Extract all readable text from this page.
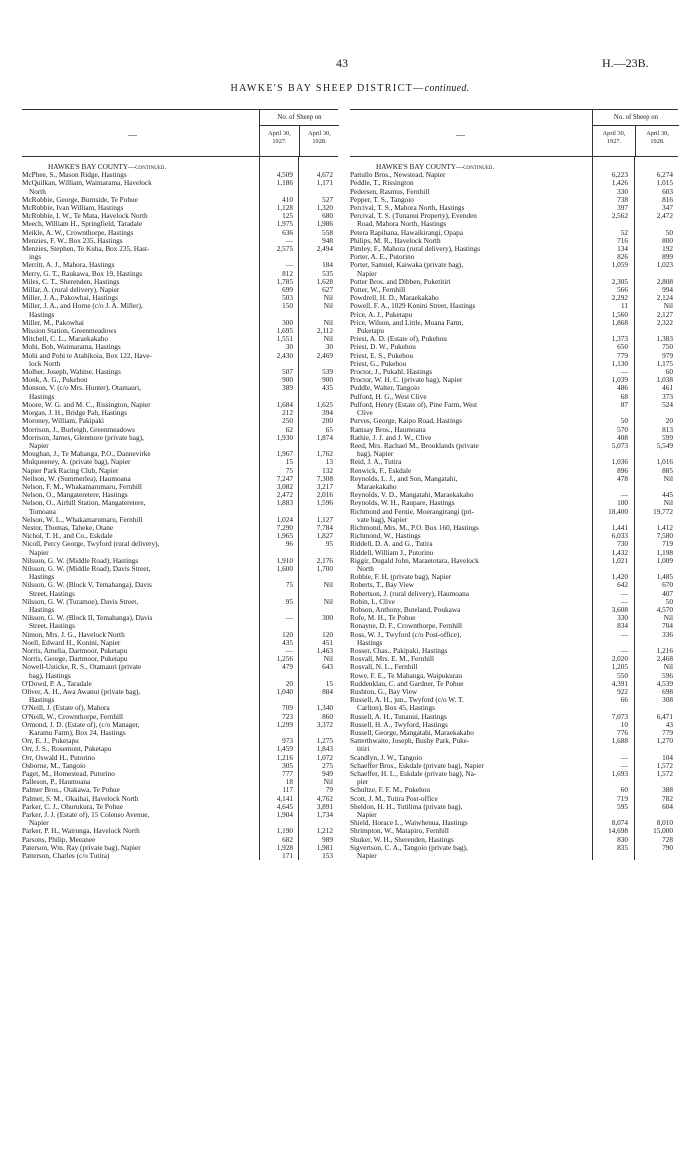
43	H.—23B.
HAWKE'S BAY SHEEP DISTRICT—continued.
—
No. of Sheep on
April 30,
1927.
April 30,
1928.
HAWKE'S BAY COUNTY—continued.
McPhee, S., Mason Ridge, Hastings	4,509	4,672
McQuilkan, William, Waimarama, Havelock
North
1,186	1,171
McRobbie, George, Burnside, Te Pohue	410	527
McRobbie, Ivan William, Hastings	1,128	1,320
McRobbie, I. W., Te Mata, Havelock North	125	680
Meech, William H., Springfield, Taradale	1,975	1,986
Meikle, A. W., Crownthorpe, Hastings	636	558
Menzies, F. W., Box 235, Hastings	—	948
Menzies, Stephen, Te Kuha, Box 235, Hast-
ings
2,575	2,494
Merritt, A. J., Mahora, Hastings	—	184
Merry, G. T., Raukawa, Box 19, Hastings	812	535
Miles, C. T., Sherenden, Hastings	1,785	1,628
Millar, A. (rural delivery), Napier	699	627
Miller, J. A., Pakowhai, Hastings	503	Nil
Miller, J. A., and Horne (c/o J. A. Miller),
Hastings
150	Nil
Miller, M., Pakowhai	300	Nil
Mission Station, Greenmeadows	1,695	2,112
Mitchell, C. L., Maraekakaho	1,551	Nil
Mohi, Bob, Waimarama, Hastings	30	30
Mohi and Pohi te Atahikoia, Box 122, Have-
lock North
2,430	2,469
Molher, Joseph, Wahine, Hastings	507	539
Monk, A. G., Pukehou	900	900
Monson, V. (c/o Mrs. Hunter), Otamauri,
Hastings
389	435
Moore, W. G. and M. C., Rissington, Napier	1,684	1,625
Morgan, J. H., Bridge Pah, Hastings	212	394
Moroney, William, Pakipaki	250	200
Morrison, J., Burleigh, Greenmeadows	62	65
Morrison, James, Glenmore (private bag),
Napier
1,930	1,874
Moughan, J., Te Mahanga, P.O., Dannevirke	1,967	1,762
Mulqueeney, A. (private bag), Napier	15	13
Napier Park Racing Club, Napier	75	132
Neilson, W. (Summerlea), Haumoana	7,247	7,308
Nelson, F. M., Whakamarumaru, Fernhill	3,082	3,217
Nelson, O., Mangateretere, Hastings	2,472	2,016
Nelson, O., Airhill Station, Mangateretere,
Tomoana
1,883	1,596
Nelson, W. L., Whakamarumaru, Fernhill	1,024	1,127
Nestor, Thomas, Taheke, Otane	7,290	7,784
Nichol, T. H., and Co., Eskdale	1,965	1,827
Nicoll, Percy George, Twyford (rural delivery),
Napier
96	95
Nilsson, G. W. (Middle Road), Hastings	1,910	2,176
Nilsson, G. W. (Middle Road), Davis Street,
Hastings
1,600	1,700
Nilsson, G. W. (Block V, Temahanga), Davis
Street, Hastings
75	Nil
Nilsson, G. W. (Turamoe), Davis Street,
Hastings
95	Nil
Nilsson, G. W. (Block II, Temahanga), Davis
Street, Hastings
—	300
Nimon, Mrs. J. G., Havelock North	120	120
Noell, Edward H., Konini, Napier	435	451
Norris, Amelia, Dartmoor, Puketapu	—	1,463
Norris, George, Dartmoor, Puketapu	1,256	Nil
Nowell-Usticke, R. S., Otamauri (private
bag), Hastings
479	643
O'Dowd, P. A., Taradale	20	15
Oliver, A. H., Awa Awanui (private bag),
Hastings
1,040	884
O'Neill, J. (Estate of), Mahora	709	1,340
O'Neill, W., Crownthorpe, Fernhill	723	860
Ormond, J. D. (Estate of), (c/o Manager,
Karamu Farm), Box 24, Hastings
1,299	3,372
Orr, E. J., Puketapu	973	1,275
Orr, J. S., Rosemont, Puketapu	1,459	1,843
Orr, Oswald H., Putorino	1,216	1,072
Osborne, M., Tangoio	305	275
Paget, M., Homestead, Putorino	777	949
Palleson, P., Haumoana	18	Nil
Palmer Bros., Otakawa, Te Pohue	117	79
Palmer, S. M., Okaihai, Havelock North	4,141	4,762
Parker, C. J., Ohurukura, Te Pohue	4,645	3,891
Parker, J. J. (Estate of), 15 Colenso Avenue,
Napier
1,904	1,734
Parker, P. H., Wairunga, Havelock North	1,190	1,212
Parsons, Philip, Meeanee	682	989
Paterson, Wm. Ray (private bag), Napier	1,928	1,981
Patterson, Charles (c/o Tutira)	171	153
—
No. of Sheep on
April 30,
1927.
April 30,
1928.
HAWKE'S BAY COUNTY—continued.
Pattullo Bros., Newstead, Napier	6,223	6,274
Peddle, T., Rissington	1,426	1,015
Pedersen, Rasmus, Fernhill	330	603
Pepper, T. S., Tangoio	738	816
Percival, T. S., Mahora North, Hastings	397	347
Percival, T. S. (Tunanui Property), Evenden
Road, Mahora North, Hastings
2,562	2,472
Petera Rapihana, Hawaikirangi, Opapa	52	50
Philips, M. R., Havelock North	716	800
Pimley, F., Mahora (rural delivery), Hastings	134	192
Porter, A. E., Putorino	826	899
Porter, Samuel, Kaiwaka (private bag),
Napier
1,059	1,023
Potter Bros. and Dibben, Puketitiri	2,305	2,808
Potter, W., Fernhill	566	994
Powdrell, H. D., Maraekakaho	2,292	2,124
Powell, F. A., 1029 Konini Street, Hastings	11	Nil
Price, A. J., Puketapu	1,560	2,127
Price, Wilson, and Little, Moana Farm,
Puketapu
1,868	2,322
Priest, A. D. (Estate of), Pukehou	1,373	1,383
Priest, D. W., Pukehou	650	750
Priest, E. S., Pukehou	779	979
Priest, G., Pukehou	1,130	1,175
Proctor, J., Pukahl, Hastings	—	60
Proctor, W. H. C. (private bag), Napier	1,039	1,038
Puddle, Walter, Tangoio	486	461
Pulford, H. G., West Clive	68	373
Pulford, Henry (Estate of), Pine Farm, West
Clive
87	524
Purves, George, Kaipo Road, Hastings	50	20
Ramsay Bros., Haumoana	570	813
Rathie, J. J. and J. W., Clive	408	599
Reed, Mrs. Rachael M., Brooklands (private
bag), Napier
5,073	5,549
Reid, J. A., Tutira	1,036	1,016
Renwick, F., Eskdale	896	885
Reynolds, L. J., and Son, Mangatahi,
Maraekakaho
478	Nil
Reynolds, V. D., Mangatahi, Maraekakaho	—	445
Reynolds, W. H., Raupare, Hastings	100	Nil
Richmond and Fernie, Moerangirangi (pri-
vate bag), Napier
18,400	19,772
Richmond, Mrs. M., P.O. Box 160, Hastings	1,441	1,412
Richmond, W., Hastings	6,033	7,580
Riddell, D. A. and G., Tutira	730	719
Riddell, William J., Putorino	1,432	1,198
Riggir, Dugald John, Maraetotara, Havelock
North
1,021	1,009
Robbie, F. H. (private bag), Napier	1,420	1,485
Roberts, T., Bay View	642	670
Robertson, J. (rural delivery), Haumoana	—	407
Robin, I., Clive	—	50
Robson, Anthony, Buteland, Poukawa	3,608	4,570
Rofe, M. H., Te Pohue	330	Nil
Ronayne, D. F., Crownthorpe, Fernhill	834	704
Ross, W. J., Twyford (c/o Post-office),
Hastings
—	336
Rosser, Chas., Pakipaki, Hastings	—	1,216
Rosvall, Mrs. E. M., Fernhill	2,020	2,468
Rosvall, N. L., Fernhill	1,205	Nil
Rowe, F. E., Te Mahanga, Waipukurau	550	596
Ruddenklau, C. and Gardner, Te Pohue	4,391	4,539
Rushton, G., Bay View	922	698
Russell, A. H., jun., Twyford (c/o W. T.
Carlton), Box 45, Hastings
66	308
Russell, A. H., Tunanui, Hastings	7,073	6,471
Russell, H. A., Twyford, Hastings	10	43
Russell, George, Mangatahi, Maraekakaho	776	779
Satterthwaite, Joseph, Bushy Park, Puke-
titiri
1,688	1,270
Scandlyn, J. W., Tangoio	—	104
Schaeffer Bros., Eskdale (private bag), Napier	—	1,572
Schaeffer, H. L., Eskdale (private bag), Na-
pier
1,693	1,572
Schultze, F. F. M., Pukehou	60	388
Scott, J. M., Tutira Post-office	719	782
Sheldon, H. H., Tutilima (private bag),
Napier
595	604
Shield, Horace L., Waiwhenua, Hastings	8,074	8,010
Shrimpton, W., Matapiro, Fernhill	14,698	15,000
Shuker, W. H., Sherenden, Hastings	830	728
Sigvertson, C. A., Tangoio (private bag),
Napier
835	790
